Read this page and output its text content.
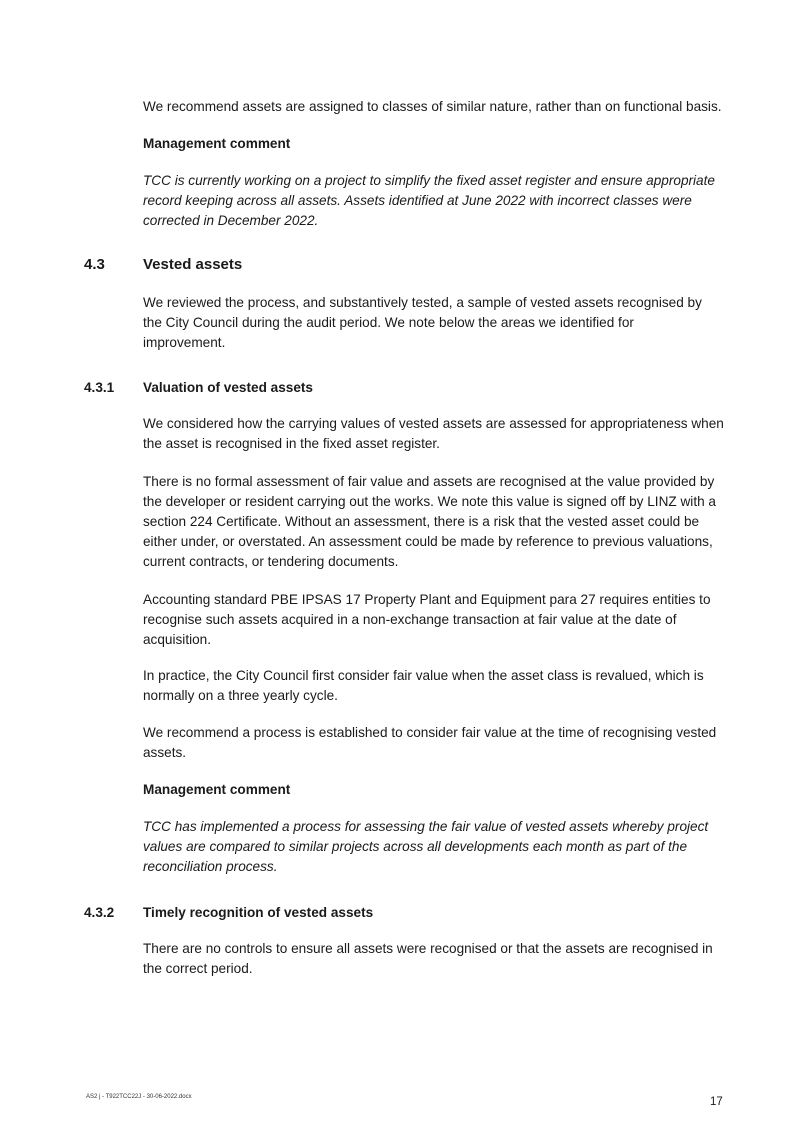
We recommend assets are assigned to classes of similar nature, rather than on functional basis.
Management comment
TCC is currently working on a project to simplify the fixed asset register and ensure appropriate
record keeping across all assets. Assets identified at June 2022 with incorrect classes were
corrected in December 2022.
4.3	Vested assets
We reviewed the process, and substantively tested, a sample of vested assets recognised by
the City Council during the audit period. We note below the areas we identified for
improvement.
4.3.1 Valuation of vested assets
We considered how the carrying values of vested assets are assessed for appropriateness when
the asset is recognised in the fixed asset register.
There is no formal assessment of fair value and assets are recognised at the value provided by
the developer or resident carrying out the works. We note this value is signed off by LINZ with a
section 224 Certificate. Without an assessment, there is a risk that the vested asset could be
either under, or overstated. An assessment could be made by reference to previous valuations,
current contracts, or tendering documents.
Accounting standard PBE IPSAS 17 Property Plant and Equipment para 27 requires entities to
recognise such assets acquired in a non-exchange transaction at fair value at the date of
acquisition.
In practice, the City Council first consider fair value when the asset class is revalued, which is
normally on a three yearly cycle.
We recommend a process is established to consider fair value at the time of recognising vested
assets.
Management comment
TCC has implemented a process for assessing the fair value of vested assets whereby project
values are compared to similar projects across all developments each month as part of the
reconciliation process.
4.3.2 Timely recognition of vested assets
There are no controls to ensure all assets were recognised or that the assets are recognised in
the correct period.
AS2 j - T922TCC22J - 30-06-2022.docx	17
